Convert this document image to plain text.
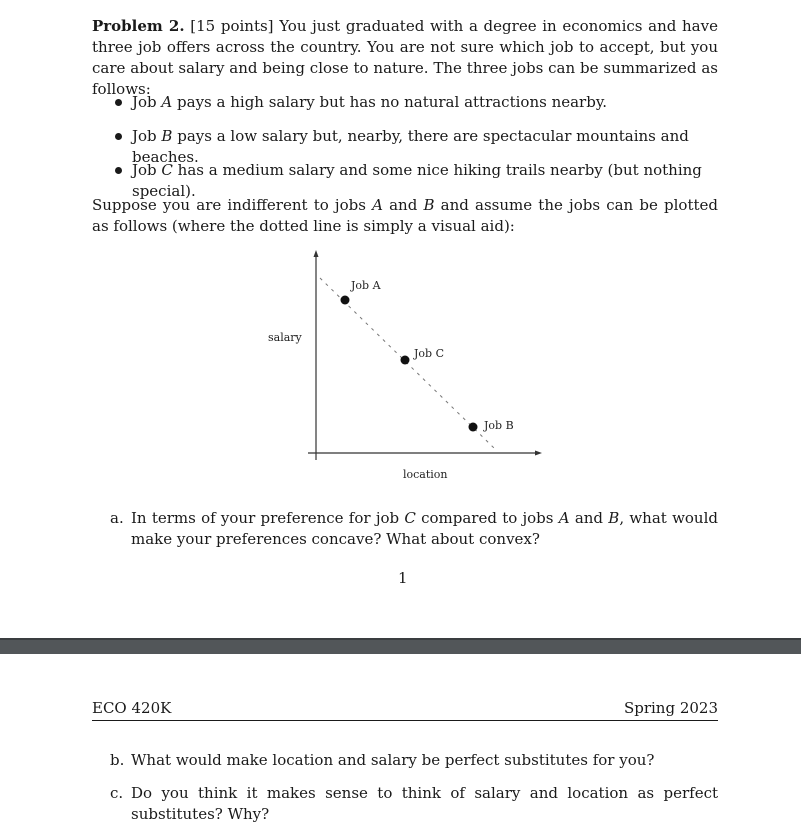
Problem 2. [15 points] You just graduated with a degree in economics and have three job offers across the country. You are not sure which job to accept, but you care about salary and being close to nature. The three jobs can be summarized as follows:
Job A pays a high salary but has no natural attractions nearby.
Job B pays a low salary but, nearby, there are spectacular mountains and beaches.
Job C has a medium salary and some nice hiking trails nearby (but nothing special).
Suppose you are indifferent to jobs A and B and assume the jobs can be plotted as follows (where the dotted line is simply a visual aid):
salary
location
Job A
Job C
Job B
a. In terms of your preference for job C compared to jobs A and B, what would make your preferences concave? What about convex?
1
ECO 420K	Spring 2023
b. What would make location and salary be perfect substitutes for you?
c. Do you think it makes sense to think of salary and location as perfect substitutes? Why?
